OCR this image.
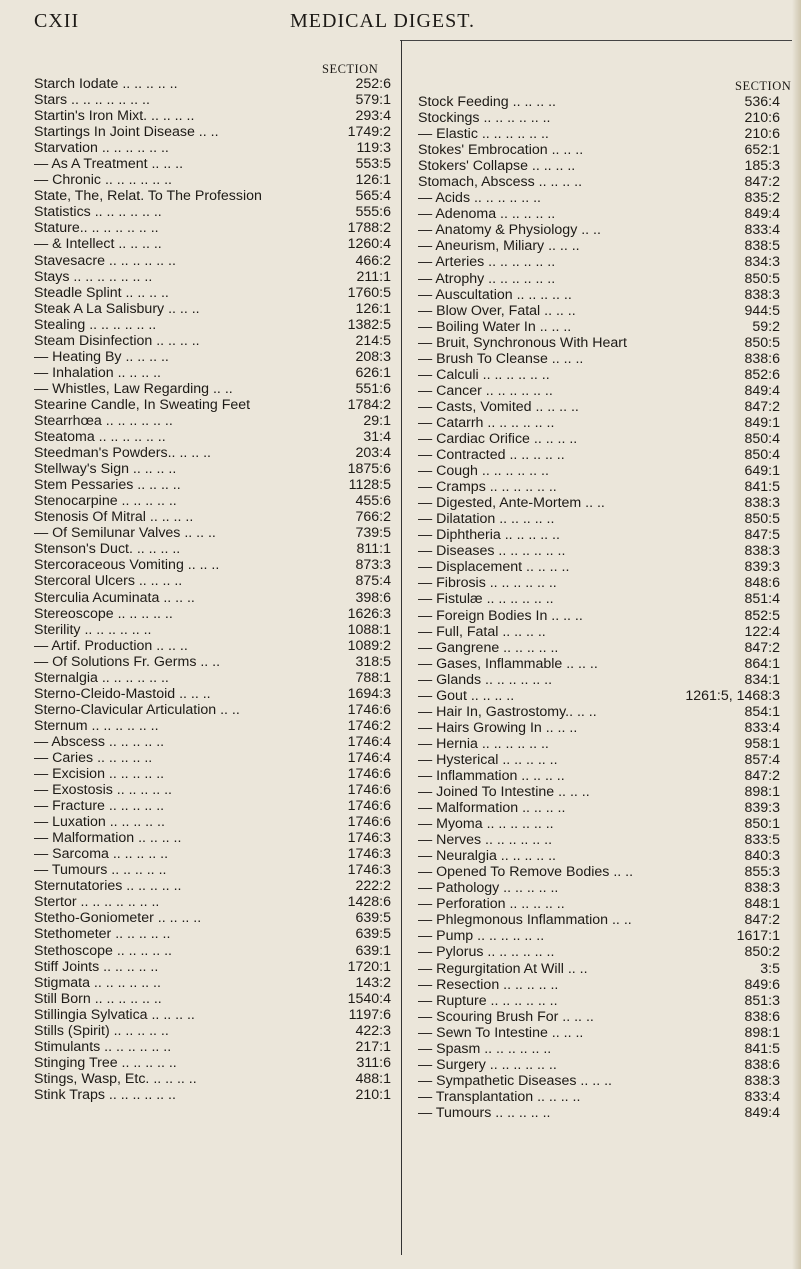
CXII	MEDICAL DIGEST.
SECTION
SECTION
Starch Iodate .. .. .. .. ..	252:6
Stars .. .. .. .. .. .. ..	579:1
Startin's Iron Mixt. .. .. .. ..	293:4
Startings In Joint Disease .. ..	1749:2
Starvation .. .. .. .. .. ..	119:3
— As A Treatment .. .. ..	553:5
— Chronic .. .. .. .. .. ..	126:1
State, The, Relat. To The Profession	565:4
Statistics .. .. .. .. .. ..	555:6
Stature.. .. .. .. .. .. ..	1788:2
— & Intellect .. .. .. ..	1260:4
Stavesacre .. .. .. .. .. ..	466:2
Stays .. .. .. .. .. .. ..	211:1
Steadle Splint .. .. .. ..	1760:5
Steak A La Salisbury .. .. ..	126:1
Stealing .. .. .. .. .. ..	1382:5
Steam Disinfection .. .. .. ..	214:5
— Heating By .. .. .. ..	208:3
— Inhalation .. .. .. ..	626:1
— Whistles, Law Regarding .. ..	551:6
Stearine Candle, In Sweating Feet	1784:2
Stearrhœa .. .. .. .. .. ..	29:1
Steatoma .. .. .. .. .. ..	31:4
Steedman's Powders.. .. .. ..	203:4
Stellway's Sign .. .. .. ..	1875:6
Stem Pessaries .. .. .. ..	1128:5
Stenocarpine .. .. .. .. ..	455:6
Stenosis Of Mitral .. .. .. ..	766:2
— Of Semilunar Valves .. .. ..	739:5
Stenson's Duct. .. .. .. ..	811:1
Stercoraceous Vomiting .. .. ..	873:3
Stercoral Ulcers .. .. .. ..	875:4
Sterculia Acuminata .. .. ..	398:6
Stereoscope .. .. .. .. ..	1626:3
Sterility .. .. .. .. .. ..	1088:1
— Artif. Production .. .. ..	1089:2
— Of Solutions Fr. Germs .. ..	318:5
Sternalgia .. .. .. .. .. ..	788:1
Sterno-Cleido-Mastoid .. .. ..	1694:3
Sterno-Clavicular Articulation .. ..	1746:6
Sternum .. .. .. .. .. ..	1746:2
— Abscess .. .. .. .. ..	1746:4
— Caries .. .. .. .. ..	1746:4
— Excision .. .. .. .. ..	1746:6
— Exostosis .. .. .. .. ..	1746:6
— Fracture .. .. .. .. ..	1746:6
— Luxation .. .. .. .. ..	1746:6
— Malformation .. .. .. ..	1746:3
— Sarcoma .. .. .. .. ..	1746:3
— Tumours .. .. .. .. ..	1746:3
Sternutatories .. .. .. .. ..	222:2
Stertor .. .. .. .. .. .. ..	1428:6
Stetho-Goniometer .. .. .. ..	639:5
Stethometer .. .. .. .. ..	639:5
Stethoscope .. .. .. .. ..	639:1
Stiff Joints .. .. .. .. ..	1720:1
Stigmata .. .. .. .. .. ..	143:2
Still Born .. .. .. .. .. ..	1540:4
Stillingia Sylvatica .. .. .. ..	1197:6
Stills (Spirit) .. .. .. .. ..	422:3
Stimulants .. .. .. .. .. ..	217:1
Stinging Tree .. .. .. .. ..	311:6
Stings, Wasp, Etc. .. .. .. ..	488:1
Stink Traps .. .. .. .. .. ..	210:1
Stock Feeding .. .. .. ..	536:4
Stockings .. .. .. .. .. ..	210:6
— Elastic .. .. .. .. .. ..	210:6
Stokes' Embrocation .. .. ..	652:1
Stokers' Collapse .. .. .. ..	185:3
Stomach, Abscess .. .. .. ..	847:2
— Acids .. .. .. .. .. ..	835:2
— Adenoma .. .. .. .. ..	849:4
— Anatomy & Physiology .. ..	833:4
— Aneurism, Miliary .. .. ..	838:5
— Arteries .. .. .. .. .. ..	834:3
— Atrophy .. .. .. .. .. ..	850:5
— Auscultation .. .. .. .. ..	838:3
— Blow Over, Fatal .. .. ..	944:5
— Boiling Water In .. .. ..	59:2
— Bruit, Synchronous With Heart	850:5
— Brush To Cleanse .. .. ..	838:6
— Calculi .. .. .. .. .. ..	852:6
— Cancer .. .. .. .. .. ..	849:4
— Casts, Vomited .. .. .. ..	847:2
— Catarrh .. .. .. .. .. ..	849:1
— Cardiac Orifice .. .. .. ..	850:4
— Contracted .. .. .. .. ..	850:4
— Cough .. .. .. .. .. ..	649:1
— Cramps .. .. .. .. .. ..	841:5
— Digested, Ante-Mortem .. ..	838:3
— Dilatation .. .. .. .. ..	850:5
— Diphtheria .. .. .. .. ..	847:5
— Diseases .. .. .. .. .. ..	838:3
— Displacement .. .. .. ..	839:3
— Fibrosis .. .. .. .. .. ..	848:6
— Fistulæ .. .. .. .. .. ..	851:4
— Foreign Bodies In .. .. ..	852:5
— Full, Fatal .. .. .. ..	122:4
— Gangrene .. .. .. .. ..	847:2
— Gases, Inflammable .. .. ..	864:1
— Glands .. .. .. .. .. ..	834:1
— Gout .. .. .. ..	1261:5, 1468:3
— Hair In, Gastrostomy.. .. ..	854:1
— Hairs Growing In .. .. ..	833:4
— Hernia .. .. .. .. .. ..	958:1
— Hysterical .. .. .. .. ..	857:4
— Inflammation .. .. .. ..	847:2
— Joined To Intestine .. .. ..	898:1
— Malformation .. .. .. ..	839:3
— Myoma .. .. .. .. .. ..	850:1
— Nerves .. .. .. .. .. ..	833:5
— Neuralgia .. .. .. .. ..	840:3
— Opened To Remove Bodies .. ..	855:3
— Pathology .. .. .. .. ..	838:3
— Perforation .. .. .. .. ..	848:1
— Phlegmonous Inflammation .. ..	847:2
— Pump .. .. .. .. .. ..	1617:1
— Pylorus .. .. .. .. .. ..	850:2
— Regurgitation At Will .. ..	3:5
— Resection .. .. .. .. ..	849:6
— Rupture .. .. .. .. .. ..	851:3
— Scouring Brush For .. .. ..	838:6
— Sewn To Intestine .. .. ..	898:1
— Spasm .. .. .. .. .. ..	841:5
— Surgery .. .. .. .. .. ..	838:6
— Sympathetic Diseases .. .. ..	838:3
— Transplantation .. .. .. ..	833:4
— Tumours .. .. .. .. ..	849:4
